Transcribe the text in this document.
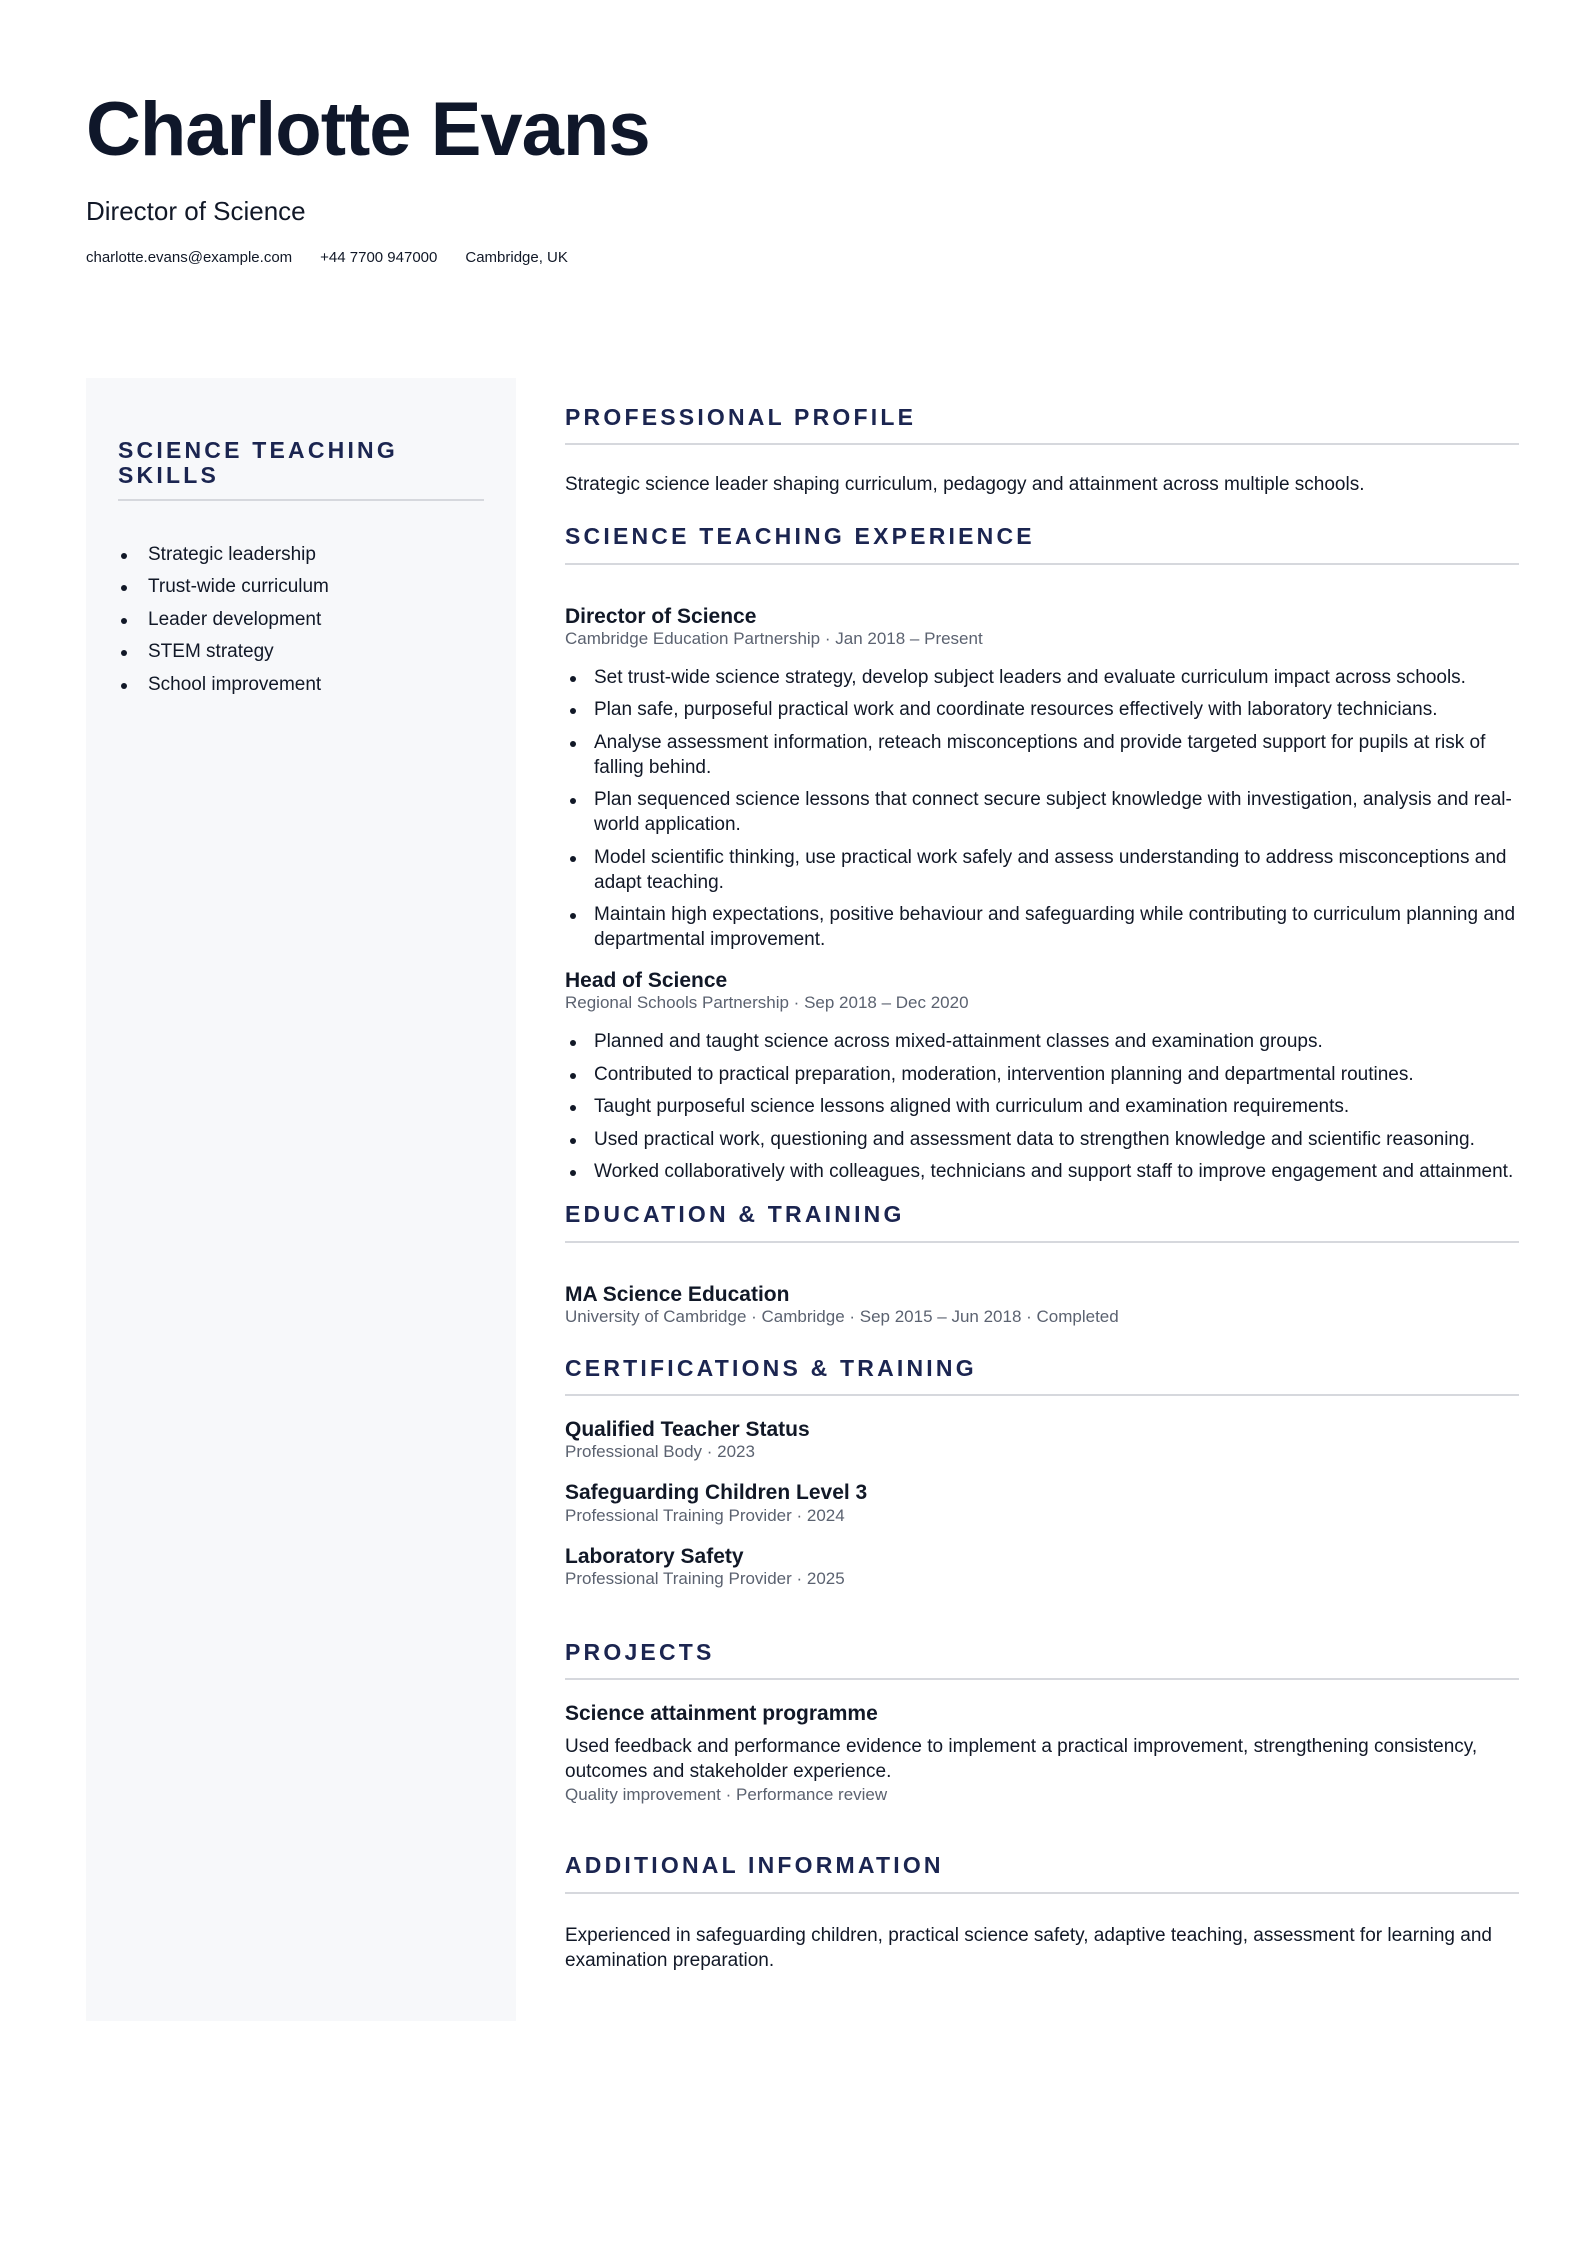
Charlotte Evans
Director of Science
charlotte.evans@example.com +44 7700 947000 Cambridge, UK
SCIENCE TEACHING SKILLS
Strategic leadership
Trust-wide curriculum
Leader development
STEM strategy
School improvement
PROFESSIONAL PROFILE

Strategic science leader shaping curriculum, pedagogy and attainment across multiple schools.

SCIENCE TEACHING EXPERIENCE
Director of Science

Cambridge Education Partnership · Jan 2018 – Present

Set trust-wide science strategy, develop subject leaders and evaluate curriculum impact across schools.
Plan safe, purposeful practical work and coordinate resources effectively with laboratory technicians.
Analyse assessment information, reteach misconceptions and provide targeted support for pupils at risk of falling behind.
Plan sequenced science lessons that connect secure subject knowledge with investigation, analysis and real-world application.
Model scientific thinking, use practical work safely and assess understanding to address misconceptions and adapt teaching.
Maintain high expectations, positive behaviour and safeguarding while contributing to curriculum planning and departmental improvement.
Head of Science

Regional Schools Partnership · Sep 2018 – Dec 2020

Planned and taught science across mixed-attainment classes and examination groups.
Contributed to practical preparation, moderation, intervention planning and departmental routines.
Taught purposeful science lessons aligned with curriculum and examination requirements.
Used practical work, questioning and assessment data to strengthen knowledge and scientific reasoning.
Worked collaboratively with colleagues, technicians and support staff to improve engagement and attainment.
EDUCATION & TRAINING
MA Science Education

University of Cambridge · Cambridge · Sep 2015 – Jun 2018 · Completed

CERTIFICATIONS & TRAINING
Qualified Teacher Status

Professional Body · 2023

Safeguarding Children Level 3

Professional Training Provider · 2024

Laboratory Safety

Professional Training Provider · 2025

PROJECTS
Science attainment programme

Used feedback and performance evidence to implement a practical improvement, strengthening consistency, outcomes and stakeholder experience.

Quality improvement · Performance review

ADDITIONAL INFORMATION

Experienced in safeguarding children, practical science safety, adaptive teaching, assessment for learning and examination preparation.
